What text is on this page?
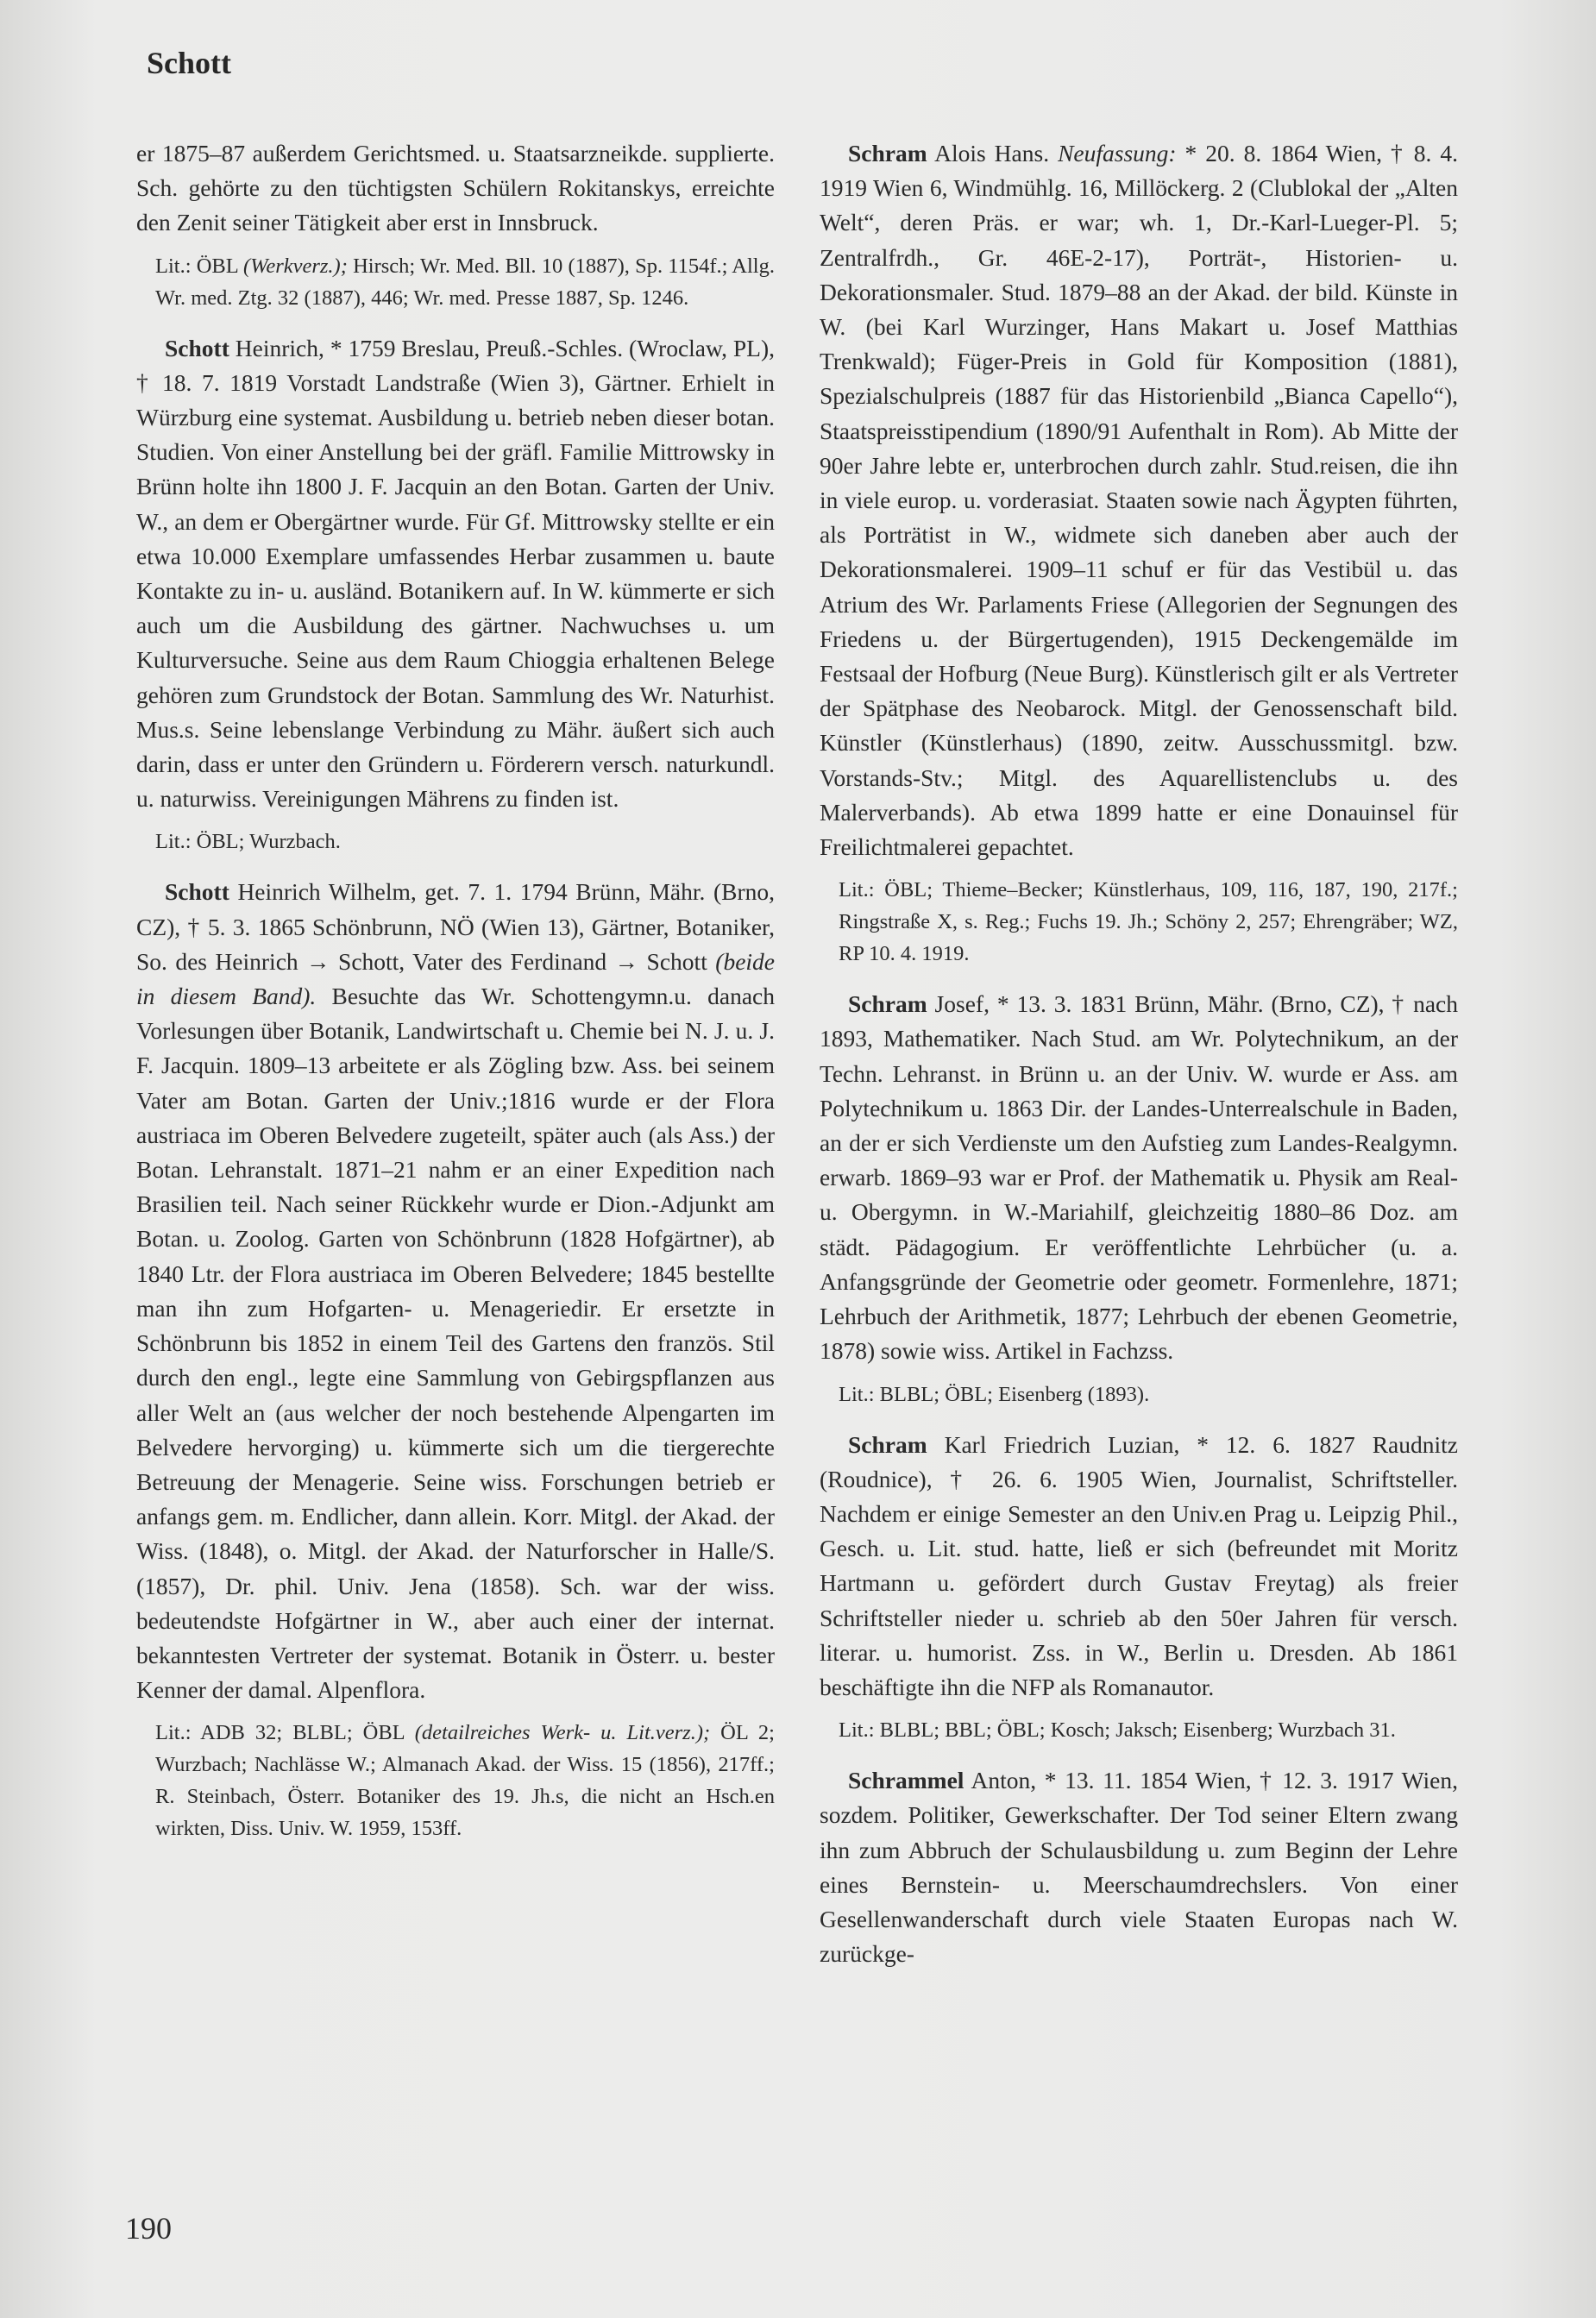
Schott

er 1875–87 außerdem Gerichtsmed. u. Staatsarzneikde. supplierte. Sch. gehörte zu den tüchtigsten Schülern Rokitanskys, erreichte den Zenit seiner Tätigkeit aber erst in Innsbruck.

Lit.: ÖBL (Werkverz.); Hirsch; Wr. Med. Bll. 10 (1887), Sp. 1154f.; Allg. Wr. med. Ztg. 32 (1887), 446; Wr. med. Presse 1887, Sp. 1246.

Schott Heinrich, * 1759 Breslau, Preuß.-Schles. (Wroclaw, PL), † 18. 7. 1819 Vorstadt Landstraße (Wien 3), Gärtner. Erhielt in Würzburg eine systemat. Ausbildung u. betrieb neben dieser botan. Studien. Von einer Anstellung bei der gräfl. Familie Mittrowsky in Brünn holte ihn 1800 J. F. Jacquin an den Botan. Garten der Univ. W., an dem er Obergärtner wurde. Für Gf. Mittrowsky stellte er ein etwa 10.000 Exemplare umfassendes Herbar zusammen u. baute Kontakte zu in- u. ausländ. Botanikern auf. In W. kümmerte er sich auch um die Ausbildung des gärtner. Nachwuchses u. um Kulturversuche. Seine aus dem Raum Chioggia erhaltenen Belege gehören zum Grundstock der Botan. Sammlung des Wr. Naturhist. Mus.s. Seine lebenslange Verbindung zu Mähr. äußert sich auch darin, dass er unter den Gründern u. Förderern versch. naturkundl. u. naturwiss. Vereinigungen Mährens zu finden ist.

Lit.: ÖBL; Wurzbach.

Schott Heinrich Wilhelm, get. 7. 1. 1794 Brünn, Mähr. (Brno, CZ), † 5. 3. 1865 Schönbrunn, NÖ (Wien 13), Gärtner, Botaniker, So. des Heinrich → Schott, Vater des Ferdinand → Schott (beide in diesem Band). Besuchte das Wr. Schottengymn.u. danach Vorlesungen über Botanik, Landwirtschaft u. Chemie bei N. J. u. J. F. Jacquin. 1809–13 arbeitete er als Zögling bzw. Ass. bei seinem Vater am Botan. Garten der Univ.;1816 wurde er der Flora austriaca im Oberen Belvedere zugeteilt, später auch (als Ass.) der Botan. Lehranstalt. 1871–21 nahm er an einer Expedition nach Brasilien teil. Nach seiner Rückkehr wurde er Dion.-Adjunkt am Botan. u. Zoolog. Garten von Schönbrunn (1828 Hofgärtner), ab 1840 Ltr. der Flora austriaca im Oberen Belvedere; 1845 bestellte man ihn zum Hofgarten- u. Menageriedir. Er ersetzte in Schönbrunn bis 1852 in einem Teil des Gartens den französ. Stil durch den engl., legte eine Sammlung von Gebirgspflanzen aus aller Welt an (aus welcher der noch bestehende Alpengarten im Belvedere hervorging) u. kümmerte sich um die tiergerechte Betreuung der Menagerie. Seine wiss. Forschungen betrieb er anfangs gem. m. Endlicher, dann allein. Korr. Mitgl. der Akad. der Wiss. (1848), o. Mitgl. der Akad. der Naturforscher in Halle/S. (1857), Dr. phil. Univ. Jena (1858). Sch. war der wiss. bedeutendste Hofgärtner in W., aber auch einer der internat. bekanntesten Vertreter der systemat. Botanik in Österr. u. bester Kenner der damal. Alpenflora.

Lit.: ADB 32; BLBL; ÖBL (detailreiches Werk- u. Lit.verz.); ÖL 2; Wurzbach; Nachlässe W.; Almanach Akad. der Wiss. 15 (1856), 217ff.; R. Steinbach, Österr. Botaniker des 19. Jh.s, die nicht an Hsch.en wirkten, Diss. Univ. W. 1959, 153ff.

Schram Alois Hans. Neufassung: * 20. 8. 1864 Wien, † 8. 4. 1919 Wien 6, Windmühlg. 16, Millöckerg. 2 (Clublokal der „Alten Welt“, deren Präs. er war; wh. 1, Dr.-Karl-Lueger-Pl. 5; Zentralfrdh., Gr. 46E-2-17), Porträt-, Historien- u. Dekorationsmaler. Stud. 1879–88 an der Akad. der bild. Künste in W. (bei Karl Wurzinger, Hans Makart u. Josef Matthias Trenkwald); Füger-Preis in Gold für Komposition (1881), Spezialschulpreis (1887 für das Historienbild „Bianca Capello“), Staatspreisstipendium (1890/91 Aufenthalt in Rom). Ab Mitte der 90er Jahre lebte er, unterbrochen durch zahlr. Stud.reisen, die ihn in viele europ. u. vorderasiat. Staaten sowie nach Ägypten führten, als Porträtist in W., widmete sich daneben aber auch der Dekorationsmalerei. 1909–11 schuf er für das Vestibül u. das Atrium des Wr. Parlaments Friese (Allegorien der Segnungen des Friedens u. der Bürgertugenden), 1915 Deckengemälde im Festsaal der Hofburg (Neue Burg). Künstlerisch gilt er als Vertreter der Spätphase des Neobarock. Mitgl. der Genossenschaft bild. Künstler (Künstlerhaus) (1890, zeitw. Ausschussmitgl. bzw. Vorstands-Stv.; Mitgl. des Aquarellistenclubs u. des Malerverbands). Ab etwa 1899 hatte er eine Donauinsel für Freilichtmalerei gepachtet.

Lit.: ÖBL; Thieme–Becker; Künstlerhaus, 109, 116, 187, 190, 217f.; Ringstraße X, s. Reg.; Fuchs 19. Jh.; Schöny 2, 257; Ehrengräber; WZ, RP 10. 4. 1919.

Schram Josef, * 13. 3. 1831 Brünn, Mähr. (Brno, CZ), † nach 1893, Mathematiker. Nach Stud. am Wr. Polytechnikum, an der Techn. Lehranst. in Brünn u. an der Univ. W. wurde er Ass. am Polytechnikum u. 1863 Dir. der Landes-Unterrealschule in Baden, an der er sich Verdienste um den Aufstieg zum Landes-Realgymn. erwarb. 1869–93 war er Prof. der Mathematik u. Physik am Real- u. Obergymn. in W.-Mariahilf, gleichzeitig 1880–86 Doz. am städt. Pädagogium. Er veröffentlichte Lehrbücher (u. a. Anfangsgründe der Geometrie oder geometr. Formenlehre, 1871; Lehrbuch der Arithmetik, 1877; Lehrbuch der ebenen Geometrie, 1878) sowie wiss. Artikel in Fachzss.

Lit.: BLBL; ÖBL; Eisenberg (1893).

Schram Karl Friedrich Luzian, * 12. 6. 1827 Raudnitz (Roudnice), † 26. 6. 1905 Wien, Journalist, Schriftsteller. Nachdem er einige Semester an den Univ.en Prag u. Leipzig Phil., Gesch. u. Lit. stud. hatte, ließ er sich (befreundet mit Moritz Hartmann u. gefördert durch Gustav Freytag) als freier Schriftsteller nieder u. schrieb ab den 50er Jahren für versch. literar. u. humorist. Zss. in W., Berlin u. Dresden. Ab 1861 beschäftigte ihn die NFP als Romanautor.

Lit.: BLBL; BBL; ÖBL; Kosch; Jaksch; Eisenberg; Wurzbach 31.

Schrammel Anton, * 13. 11. 1854 Wien, † 12. 3. 1917 Wien, sozdem. Politiker, Gewerkschafter. Der Tod seiner Eltern zwang ihn zum Abbruch der Schulausbildung u. zum Beginn der Lehre eines Bernstein- u. Meerschaumdrechslers. Von einer Gesellenwanderschaft durch viele Staaten Europas nach W. zurückge-

190
